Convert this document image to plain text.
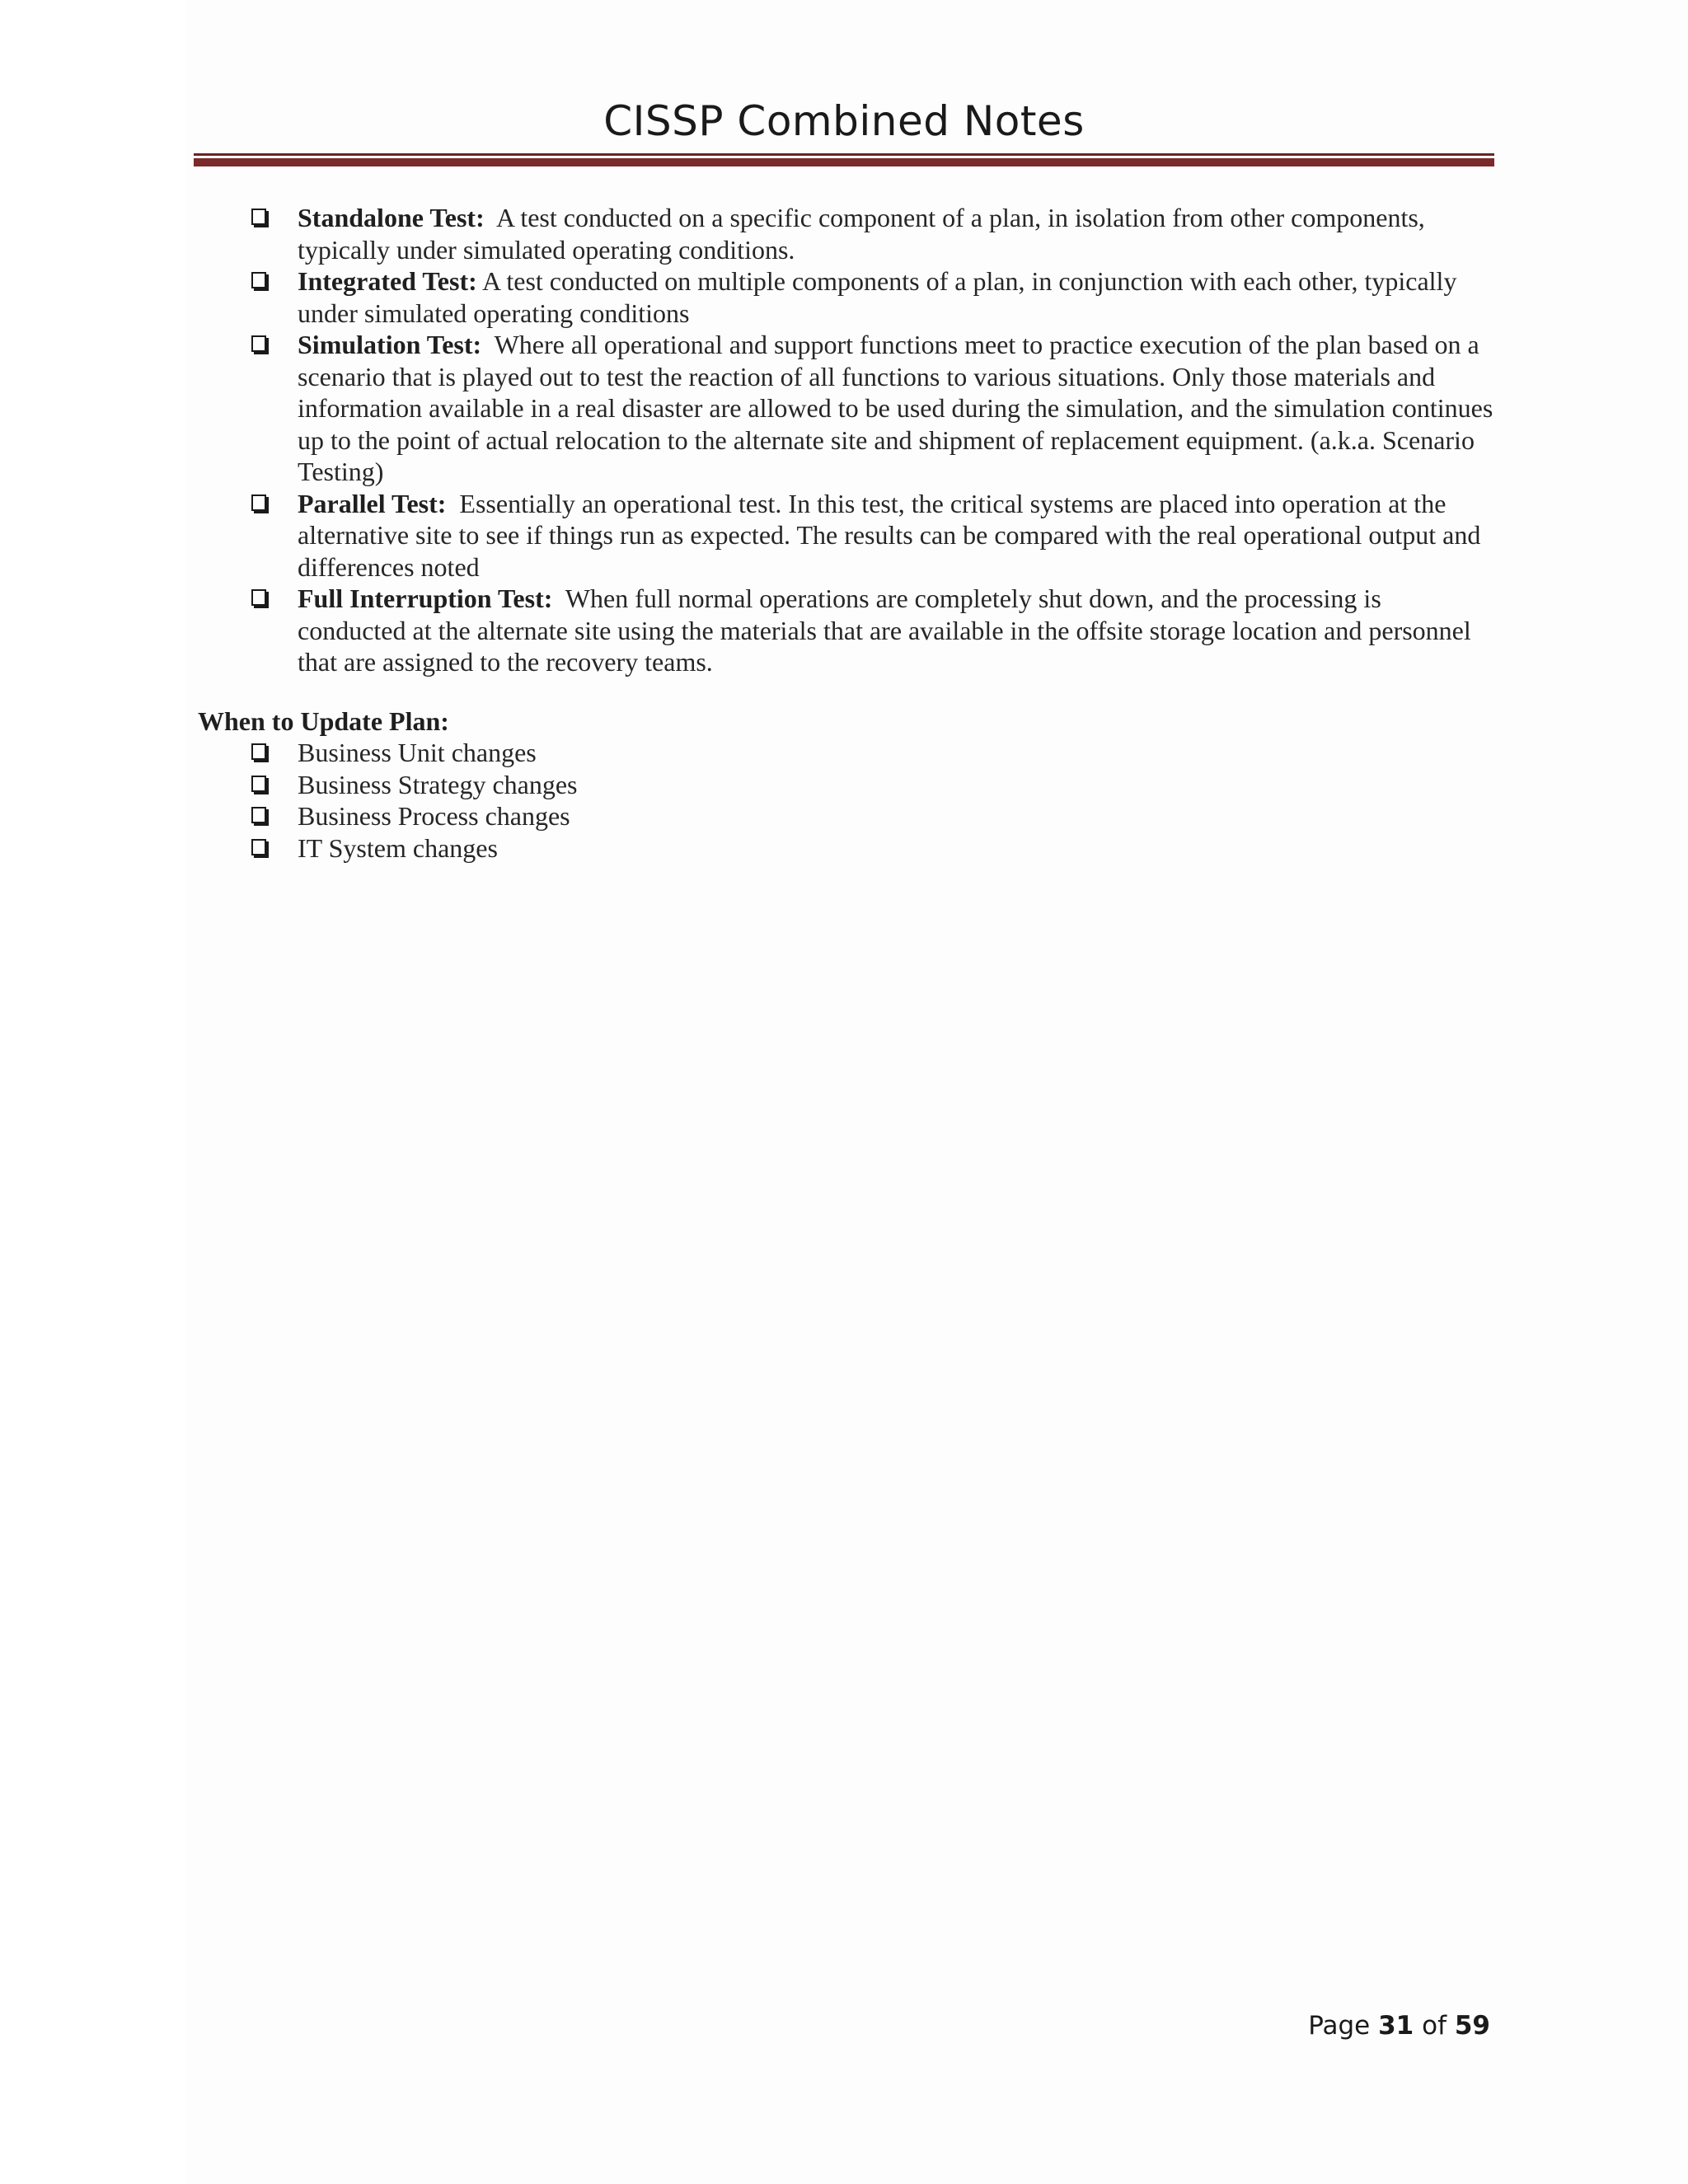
CISSP Combined Notes
Standalone Test: A test conducted on a specific component of a plan, in isolation from other components, typically under simulated operating conditions.
Integrated Test: A test conducted on multiple components of a plan, in conjunction with each other, typically under simulated operating conditions
Simulation Test: Where all operational and support functions meet to practice execution of the plan based on a scenario that is played out to test the reaction of all functions to various situations. Only those materials and information available in a real disaster are allowed to be used during the simulation, and the simulation continues up to the point of actual relocation to the alternate site and shipment of replacement equipment. (a.k.a. Scenario Testing)
Parallel Test: Essentially an operational test. In this test, the critical systems are placed into operation at the alternative site to see if things run as expected. The results can be compared with the real operational output and differences noted
Full Interruption Test: When full normal operations are completely shut down, and the processing is conducted at the alternate site using the materials that are available in the offsite storage location and personnel that are assigned to the recovery teams.
When to Update Plan:
Business Unit changes
Business Strategy changes
Business Process changes
IT System changes
Page 31 of 59
